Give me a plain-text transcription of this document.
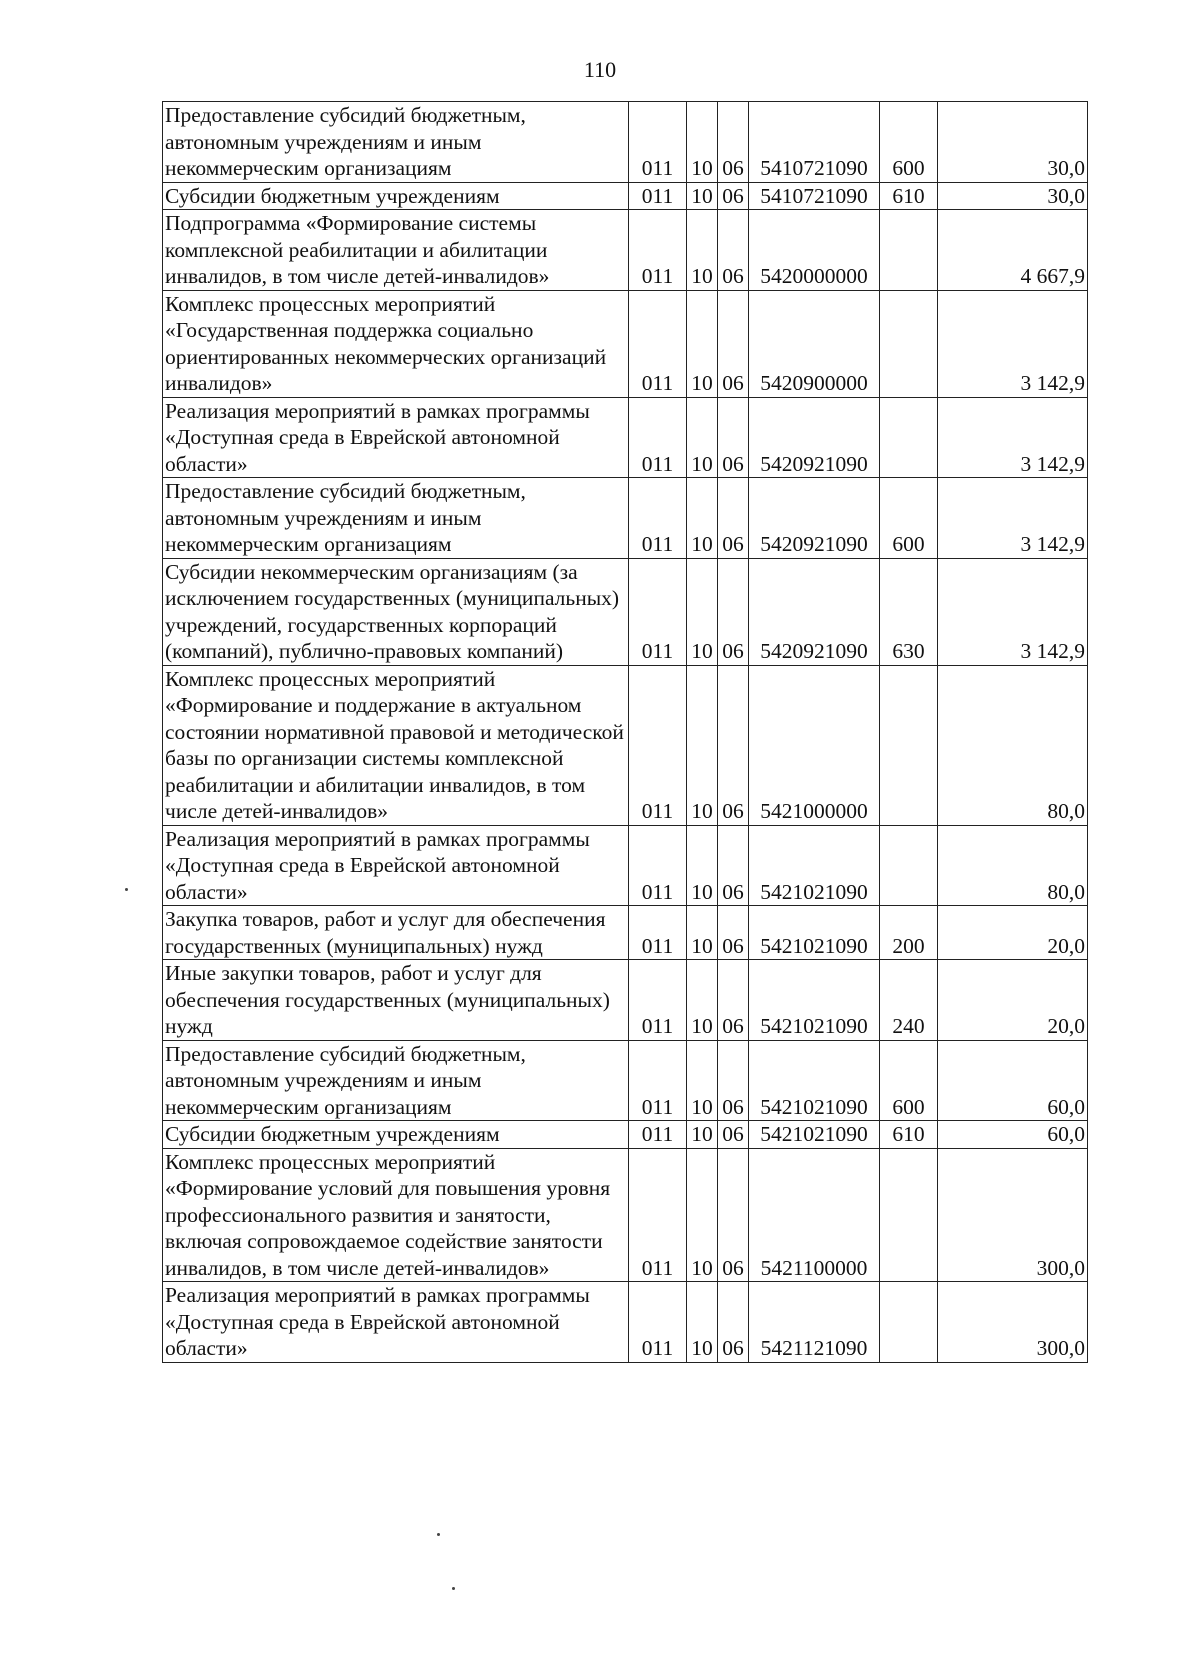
110
Предоставление субсидий бюджетным, автономным учреждениям и иным некоммерческим организациям	011	10	06	5410721090	600	30,0
Субсидии бюджетным учреждениям	011	10	06	5410721090	610	30,0
Подпрограмма «Формирование системы комплексной реабилитации и абилитации инвалидов, в том числе детей-инвалидов»	011	10	06	5420000000		4 667,9
Комплекс процессных мероприятий «Государственная поддержка социально ориентированных некоммерческих организаций инвалидов»	011	10	06	5420900000		3 142,9
Реализация мероприятий в рамках программы «Доступная среда в Еврейской автономной области»	011	10	06	5420921090		3 142,9
Предоставление субсидий бюджетным, автономным учреждениям и иным некоммерческим организациям	011	10	06	5420921090	600	3 142,9
Субсидии некоммерческим организациям (за исключением государственных (муниципальных) учреждений, государственных корпораций (компаний), публично-правовых компаний)	011	10	06	5420921090	630	3 142,9
Комплекс процессных мероприятий «Формирование и поддержание в актуальном состоянии нормативной правовой и методической базы по организации системы комплексной реабилитации и абилитации инвалидов, в том числе детей-инвалидов»	011	10	06	5421000000		80,0
Реализация мероприятий в рамках программы «Доступная среда в Еврейской автономной области»	011	10	06	5421021090		80,0
Закупка товаров, работ и услуг для обеспечения государственных (муниципальных) нужд	011	10	06	5421021090	200	20,0
Иные закупки товаров, работ и услуг для обеспечения государственных (муниципальных) нужд	011	10	06	5421021090	240	20,0
Предоставление субсидий бюджетным, автономным учреждениям и иным некоммерческим организациям	011	10	06	5421021090	600	60,0
Субсидии бюджетным учреждениям	011	10	06	5421021090	610	60,0
Комплекс процессных мероприятий «Формирование условий для повышения уровня профессионального развития и занятости, включая сопровождаемое содействие занятости инвалидов, в том числе детей-инвалидов»	011	10	06	5421100000		300,0
Реализация мероприятий в рамках программы «Доступная среда в Еврейской автономной области»	011	10	06	5421121090		300,0
